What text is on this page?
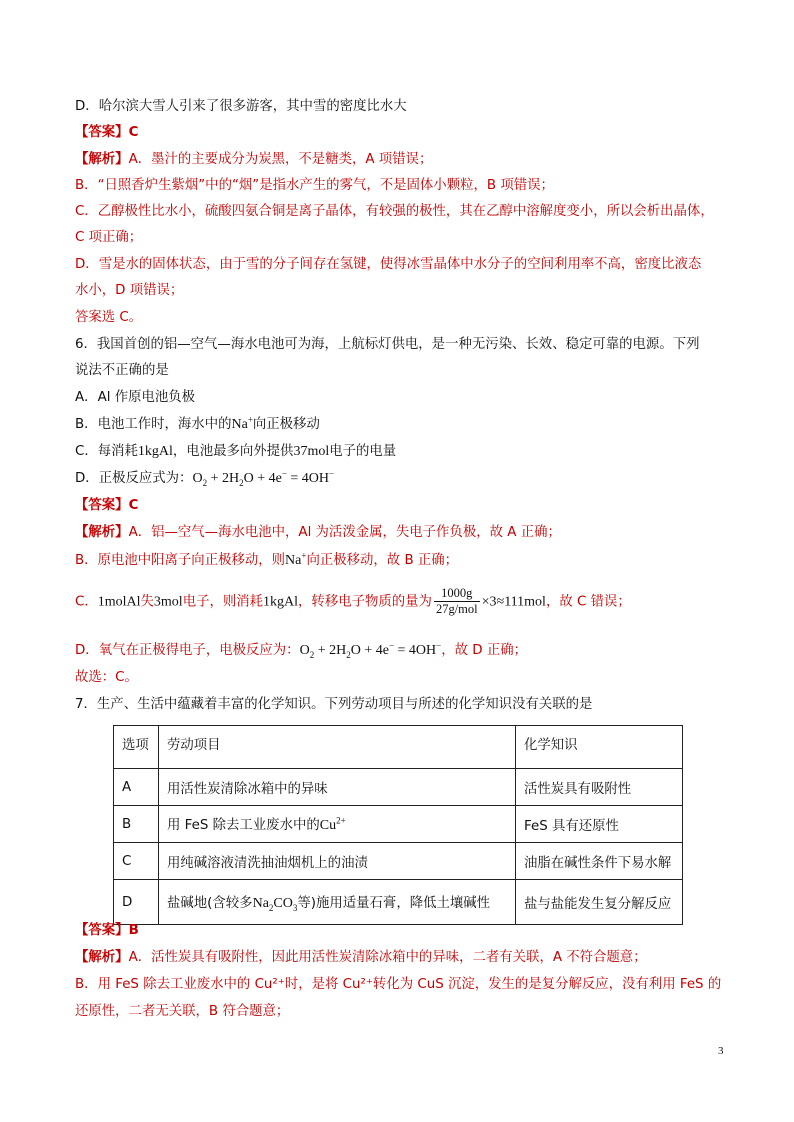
D．哈尔滨大雪人引来了很多游客，其中雪的密度比水大
【答案】C
【解析】A．墨汁的主要成分为炭黑，不是糖类，A 项错误；
B．“日照香炉生紫烟”中的“烟”是指水产生的雾气，不是固体小颗粒，B 项错误；
C．乙醇极性比水小，硫酸四氨合铜是离子晶体，有较强的极性，其在乙醇中溶解度变小，所以会析出晶体，
C 项正确；
D．雪是水的固体状态，由于雪的分子间存在氢键，使得冰雪晶体中水分子的空间利用率不高，密度比液态
水小，D 项错误；
答案选 C。
6．我国首创的铝—空气—海水电池可为海，上航标灯供电，是一种无污染、长效、稳定可靠的电源。下列
说法不正确的是
A．Al 作原电池负极
B．电池工作时，海水中的Na+向正极移动
C．每消耗1kgAl，电池最多向外提供37mol电子的电量
D．正极反应式为：$O_2 + 2H_2O + 4e^- = 4OH^-$
【答案】C
【解析】A．铝—空气—海水电池中，Al 为活泼金属，失电子作负极，故 A 正确；
B．原电池中阳离子向正极移动，则Na+向正极移动，故 B 正确；
C．1molAl失3mol电子，则消耗1kgAl，转移电子物质的量为 $\frac{1000g}{\text{27g/mol}} \times 3\approx 111mol$，故 C 错误；
D．氧气在正极得电子，电极反应为：$O_2 + 2H_2O + 4e^- = 4OH^-$，故 D 正确；
故选：C。
7．生产、生活中蕴藏着丰富的化学知识。下列劳动项目与所述的化学知识没有关联的是
选项	劳动项目	化学知识
A	用活性炭清除冰箱中的异味	活性炭具有吸附性
B	用 FeS 除去工业废水中的$Cu^{2+}$	FeS 具有还原性
C	用纯碱溶液清洗抽油烟机上的油渍	油脂在碱性条件下易水解
D	盐碱地(含较多$Na_2CO_3$等)施用适量石膏，降低土壤碱性	盐与盐能发生复分解反应
【答案】B
【解析】A．活性炭具有吸附性，因此用活性炭清除冰箱中的异味，二者有关联，A 不符合题意；
B．用 FeS 除去工业废水中的 Cu²⁺时，是将 Cu²⁺转化为 CuS 沉淀，发生的是复分解反应，没有利用 FeS 的
还原性，二者无关联，B 符合题意；
3
